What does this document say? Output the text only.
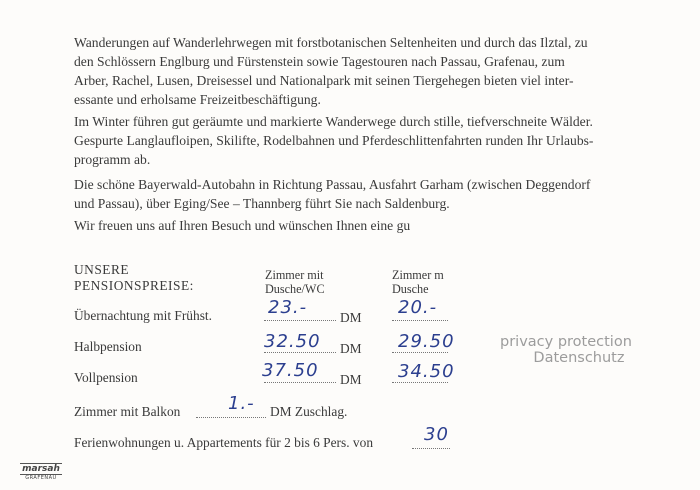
Wanderungen auf Wanderlehrwegen mit forstbotanischen Seltenheiten und durch das Ilztal, zu
den Schlössern Englburg und Fürstenstein sowie Tagestouren nach Passau, Grafenau, zum
Arber, Rachel, Lusen, Dreisessel und Nationalpark mit seinen Tiergehegen bieten viel inter-
essante und erholsame Freizeitbeschäftigung.

Im Winter führen gut geräumte und markierte Wanderwege durch stille, tiefverschneite Wälder.
Gespurte Langlaufloipen, Skilifte, Rodelbahnen und Pferdeschlittenfahrten runden Ihr Urlaubs-
programm ab.

Die schöne Bayerwald-Autobahn in Richtung Passau, Ausfahrt Garham (zwischen Deggendorf
und Passau), über Eging/See – Thannberg führt Sie nach Saldenburg.

Wir freuen uns auf Ihren Besuch und wünschen Ihnen eine gu

UNSERE
PENSIONSPREISE:
Zimmer mit
Dusche/WC
Zimmer m
Dusche
Übernachtung mit Frühst.	23.- DM 20.-
Halbpension	32.50 DM 29.50
Vollpension	37.50 DM 34.50
Zimmer mit Balkon	1.- DM Zuschlag.
Ferienwohnungen u. Appartements für 2 bis 6 Pers. von	30
privacy protection
Datenschutz
marsah
GRAFENAU
